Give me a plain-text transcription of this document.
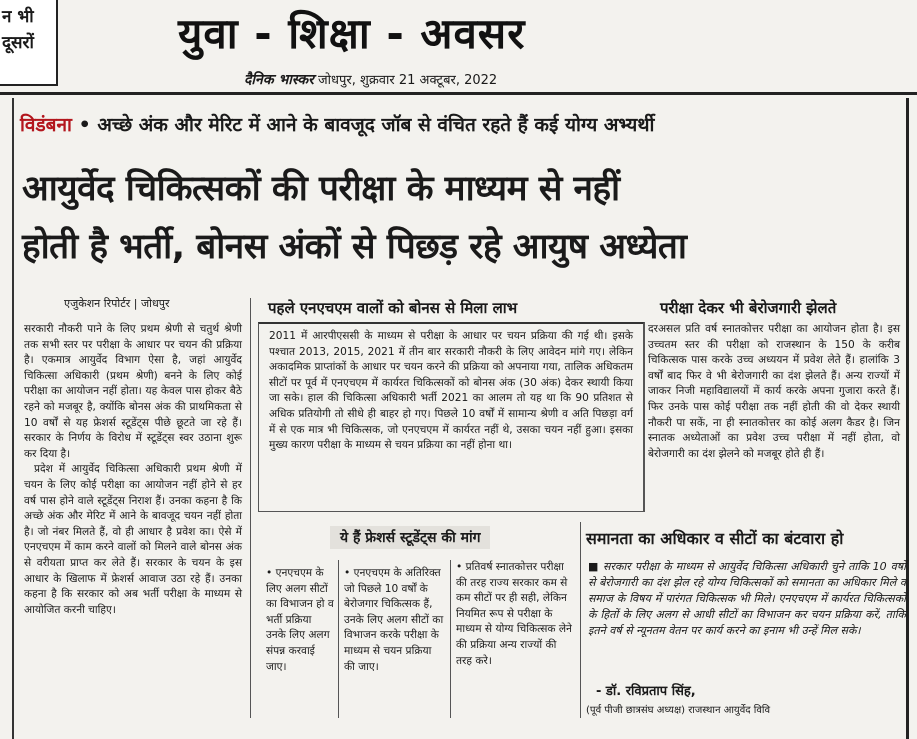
न भी
दूसरों	युवा - शिक्षा - अवसर
दैनिक भास्कर जोधपुर, शुक्रवार 21 अक्टूबर, 2022
विडंबना • अच्छे अंक और मेरिट में आने के बावजूद जॉब से वंचित रहते हैं कई योग्य अभ्यर्थी
आयुर्वेद चिकित्सकों की परीक्षा के माध्यम से नहीं
होती है भर्ती, बोनस अंकों से पिछड़ रहे आयुष अध्येता
एजुकेशन रिपोर्टर | जोधपुर

सरकारी नौकरी पाने के लिए प्रथम श्रेणी से चतुर्थ श्रेणी तक सभी स्तर पर परीक्षा के आधार पर चयन की प्रक्रिया है। एकमात्र आयुर्वेद विभाग ऐसा है, जहां आयुर्वेद चिकित्सा अधिकारी (प्रथम श्रेणी) बनने के लिए कोई परीक्षा का आयोजन नहीं होता। यह केवल पास होकर बैठे रहने को मजबूर है, क्योंकि बोनस अंक की प्राथमिकता से 10 वर्षों से यह फ्रेशर्स स्टूडेंट्स पीछे छूटते जा रहे हैं। सरकार के निर्णय के विरोध में स्टूडेंट्स स्वर उठाना शुरू कर दिया है।

प्रदेश में आयुर्वेद चिकित्सा अधिकारी प्रथम श्रेणी में चयन के लिए कोई परीक्षा का आयोजन नहीं होने से हर वर्ष पास होने वाले स्टूडेंट्स निराश हैं। उनका कहना है कि अच्छे अंक और मेरिट में आने के बावजूद चयन नहीं होता है। जो नंबर मिलते हैं, वो ही आधार है प्रवेश का। ऐसे में एनएचएम में काम करने वालों को मिलने वाले बोनस अंक से वरीयता प्राप्त कर लेते हैं। सरकार के चयन के इस आधार के खिलाफ में फ्रेशर्स आवाज उठा रहे हैं। उनका कहना है कि सरकार को अब भर्ती परीक्षा के माध्यम से आयोजित करनी चाहिए।

पहले एनएचएम वालों को बोनस से मिला लाभ
2011 में आरपीएससी के माध्यम से परीक्षा के आधार पर चयन प्रक्रिया की गई थी। इसके पश्चात 2013, 2015, 2021 में तीन बार सरकारी नौकरी के लिए आवेदन मांगे गए। लेकिन अकादमिक प्राप्तांकों के आधार पर चयन करने की प्रक्रिया को अपनाया गया, तालिक अधिकतम सीटों पर पूर्व में एनएचएम में कार्यरत चिकित्सकों को बोनस अंक (30 अंक) देकर स्थायी किया जा सके। हाल की चिकित्सा अधिकारी भर्ती 2021 का आलम तो यह था कि 90 प्रतिशत से अधिक प्रतियोगी तो सीधे ही बाहर हो गए। पिछले 10 वर्षों में सामान्य श्रेणी व अति पिछड़ा वर्ग में से एक मात्र भी चिकित्सक, जो एनएचएम में कार्यरत नहीं थे, उसका चयन नहीं हुआ। इसका मुख्य कारण परीक्षा के माध्यम से चयन प्रक्रिया का नहीं होना था।
परीक्षा देकर भी बेरोजगारी झेलते
दरअसल प्रति वर्ष स्नातकोत्तर परीक्षा का आयोजन होता है। इस उच्चतम स्तर की परीक्षा को राजस्थान के 150 के करीब चिकित्सक पास करके उच्च अध्ययन में प्रवेश लेते हैं। हालांकि 3 वर्षों बाद फिर वे भी बेरोजगारी का दंश झेलते हैं। अन्य राज्यों में जाकर निजी महाविद्यालयों में कार्य करके अपना गुजारा करते हैं। फिर उनके पास कोई परीक्षा तक नहीं होती की वो देकर स्थायी नौकरी पा सकें, ना ही स्नातकोत्तर का कोई अलग कैडर है। जिन स्नातक अध्येताओं का प्रवेश उच्च परीक्षा में नहीं होता, वो बेरोजगारी का दंश झेलने को मजबूर होते ही हैं।
ये हैं फ्रेशर्स स्टूडेंट्स की मांग
• एनएचएम के लिए अलग सीटों का विभाजन हो व भर्ती प्रक्रिया उनके लिए अलग संपन्न करवाई जाए।
• एनएचएम के अतिरिक्त जो पिछले 10 वर्षों के बेरोजगार चिकित्सक हैं, उनके लिए अलग सीटों का विभाजन करके परीक्षा के माध्यम से चयन प्रक्रिया की जाए।
• प्रतिवर्ष स्नातकोत्तर परीक्षा की तरह राज्य सरकार कम से कम सीटों पर ही सही, लेकिन नियमित रूप से परीक्षा के माध्यम से योग्य चिकित्सक लेने की प्रक्रिया अन्य राज्यों की तरह करे।
समानता का अधिकार व सीटों का बंटवारा हो
■ सरकार परीक्षा के माध्यम से आयुर्वेद चिकित्सा अधिकारी चुने ताकि 10 वर्षों से बेरोजगारी का दंश झेल रहे योग्य चिकित्सकों को समानता का अधिकार मिले व समाज के विषय में पारंगत चिकित्सक भी मिले। एनएचएम में कार्यरत चिकित्सकों के हितों के लिए अलग से आधी सीटों का विभाजन कर चयन प्रक्रिया करें, ताकि इतने वर्ष से न्यूनतम वेतन पर कार्य करने का इनाम भी उन्हें मिल सके।
- डॉ. रविप्रताप सिंह,
(पूर्व पीजी छात्रसंघ अध्यक्ष) राजस्थान आयुर्वेद विवि
